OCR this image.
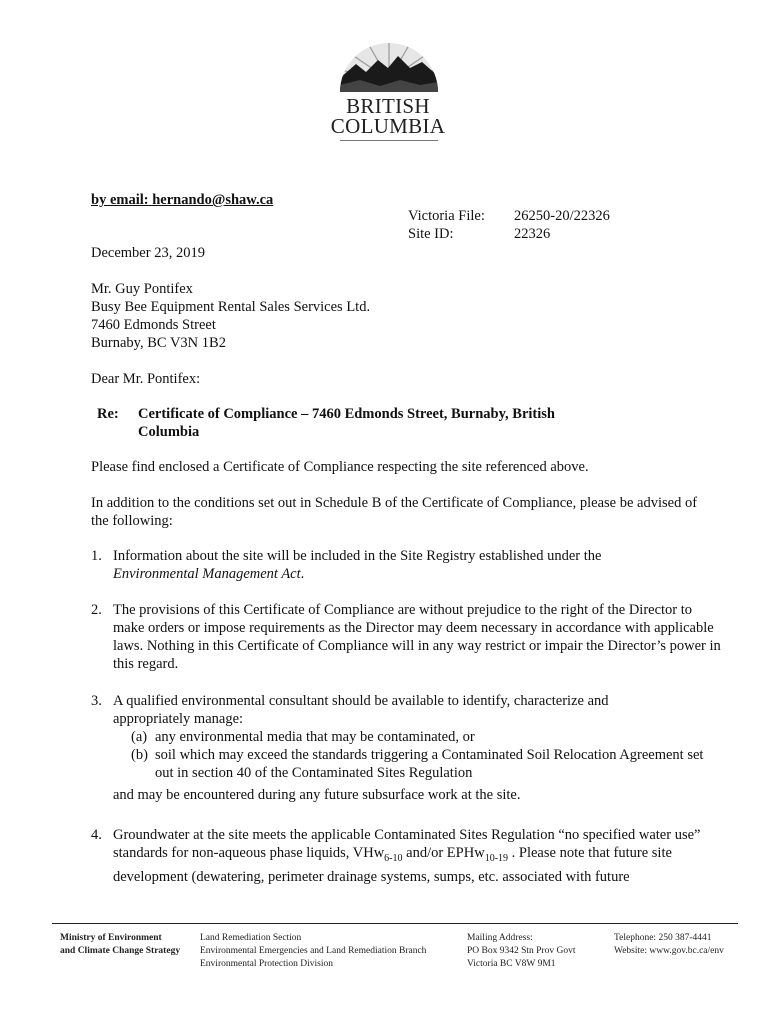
BRITISH
COLUMBIA
by email: hernando@shaw.ca
Victoria File:	26250-20/22326
Site ID:	22326
December 23, 2019
Mr. Guy Pontifex
Busy Bee Equipment Rental Sales Services Ltd.
7460 Edmonds Street
Burnaby, BC V3N 1B2
Dear Mr. Pontifex:
Re: Certificate of Compliance – 7460 Edmonds Street, Burnaby, British Columbia
Please find enclosed a Certificate of Compliance respecting the site referenced above.
In addition to the conditions set out in Schedule B of the Certificate of Compliance, please be advised of the following:
1. Information about the site will be included in the Site Registry established under the
Environmental Management Act.
2. The provisions of this Certificate of Compliance are without prejudice to the right of the Director to make orders or impose requirements as the Director may deem necessary in accordance with applicable laws. Nothing in this Certificate of Compliance will in any way restrict or impair the Director’s power in this regard.
3. A qualified environmental consultant should be available to identify, characterize and appropriately manage:
(a) any environmental media that may be contaminated, or
(b) soil which may exceed the standards triggering a Contaminated Soil Relocation Agreement set out in section 40 of the Contaminated Sites Regulation
and may be encountered during any future subsurface work at the site.
4. Groundwater at the site meets the applicable Contaminated Sites Regulation “no specified water use” standards for non-aqueous phase liquids, VHw$_{6-10}$ and/or EPHw$_{10-19}$ . Please note that future site development (dewatering, perimeter drainage systems, sumps, etc. associated with future
Ministry of Environment
and Climate Change Strategy
Land Remediation Section
Environmental Emergencies and Land Remediation Branch
Environmental Protection Division
Mailing Address:
PO Box 9342 Stn Prov Govt
Victoria BC V8W 9M1
Telephone: 250 387-4441
Website: www.gov.bc.ca/env
